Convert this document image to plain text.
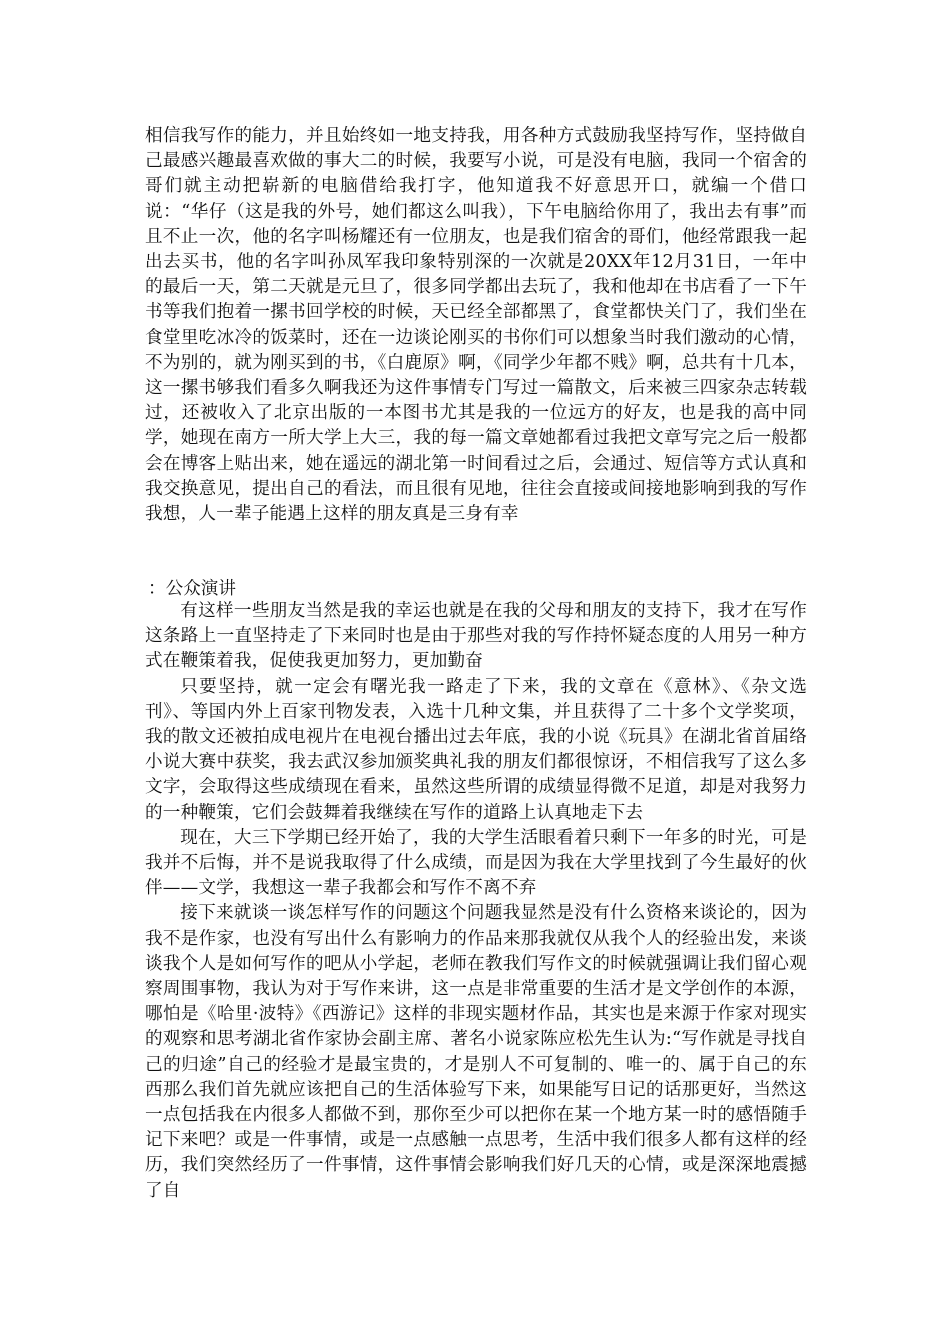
相信我写作的能力，并且始终如一地支持我，用各种方式鼓励我坚持写作，坚持做自己最感兴趣最喜欢做的事大二的时候，我要写小说，可是没有电脑，我同一个宿舍的哥们就主动把崭新的电脑借给我打字，他知道我不好意思开口，就编一个借口说：“华仔（这是我的外号，她们都这么叫我），下午电脑给你用了，我出去有事”而且不止一次，他的名字叫杨耀还有一位朋友，也是我们宿舍的哥们，他经常跟我一起出去买书，他的名字叫孙凤军我印象特别深的一次就是20XX年12月31日，一年中的最后一天，第二天就是元旦了，很多同学都出去玩了，我和他却在书店看了一下午书等我们抱着一摞书回学校的时候，天已经全部都黑了，食堂都快关门了，我们坐在食堂里吃冰冷的饭菜时，还在一边谈论刚买的书你们可以想象当时我们激动的心情，不为别的，就为刚买到的书，《白鹿原》啊，《同学少年都不贱》啊，总共有十几本，这一摞书够我们看多久啊我还为这件事情专门写过一篇散文，后来被三四家杂志转载过，还被收入了北京出版的一本图书尤其是我的一位远方的好友，也是我的高中同学，她现在南方一所大学上大三，我的每一篇文章她都看过我把文章写完之后一般都会在博客上贴出来，她在遥远的湖北第一时间看过之后，会通过、短信等方式认真和我交换意见，提出自己的看法，而且很有见地，往往会直接或间接地影响到我的写作我想，人一辈子能遇上这样的朋友真是三身有幸

：公众演讲

有这样一些朋友当然是我的幸运也就是在我的父母和朋友的支持下，我才在写作这条路上一直坚持走了下来同时也是由于那些对我的写作持怀疑态度的人用另一种方式在鞭策着我，促使我更加努力，更加勤奋

只要坚持，就一定会有曙光我一路走了下来，我的文章在《意林》、《杂文选刊》、等国内外上百家刊物发表，入选十几种文集，并且获得了二十多个文学奖项，我的散文还被拍成电视片在电视台播出过去年底，我的小说《玩具》在湖北省首届络小说大赛中获奖，我去武汉参加颁奖典礼我的朋友们都很惊讶，不相信我写了这么多文字，会取得这些成绩现在看来，虽然这些所谓的成绩显得微不足道，却是对我努力的一种鞭策，它们会鼓舞着我继续在写作的道路上认真地走下去

现在，大三下学期已经开始了，我的大学生活眼看着只剩下一年多的时光，可是我并不后悔，并不是说我取得了什么成绩，而是因为我在大学里找到了今生最好的伙伴——文学，我想这一辈子我都会和写作不离不弃

接下来就谈一谈怎样写作的问题这个问题我显然是没有什么资格来谈论的，因为我不是作家，也没有写出什么有影响力的作品来那我就仅从我个人的经验出发，来谈谈我个人是如何写作的吧从小学起，老师在教我们写作文的时候就强调让我们留心观察周围事物，我认为对于写作来讲，这一点是非常重要的生活才是文学创作的本源，哪怕是《哈里·波特》《西游记》这样的非现实题材作品，其实也是来源于作家对现实的观察和思考湖北省作家协会副主席、著名小说家陈应松先生认为:“写作就是寻找自己的归途”自己的经验才是最宝贵的，才是别人不可复制的、唯一的、属于自己的东西那么我们首先就应该把自己的生活体验写下来，如果能写日记的话那更好，当然这一点包括我在内很多人都做不到，那你至少可以把你在某一个地方某一时的感悟随手记下来吧？或是一件事情，或是一点感触一点思考，生活中我们很多人都有这样的经历，我们突然经历了一件事情，这件事情会影响我们好几天的心情，或是深深地震撼了自
